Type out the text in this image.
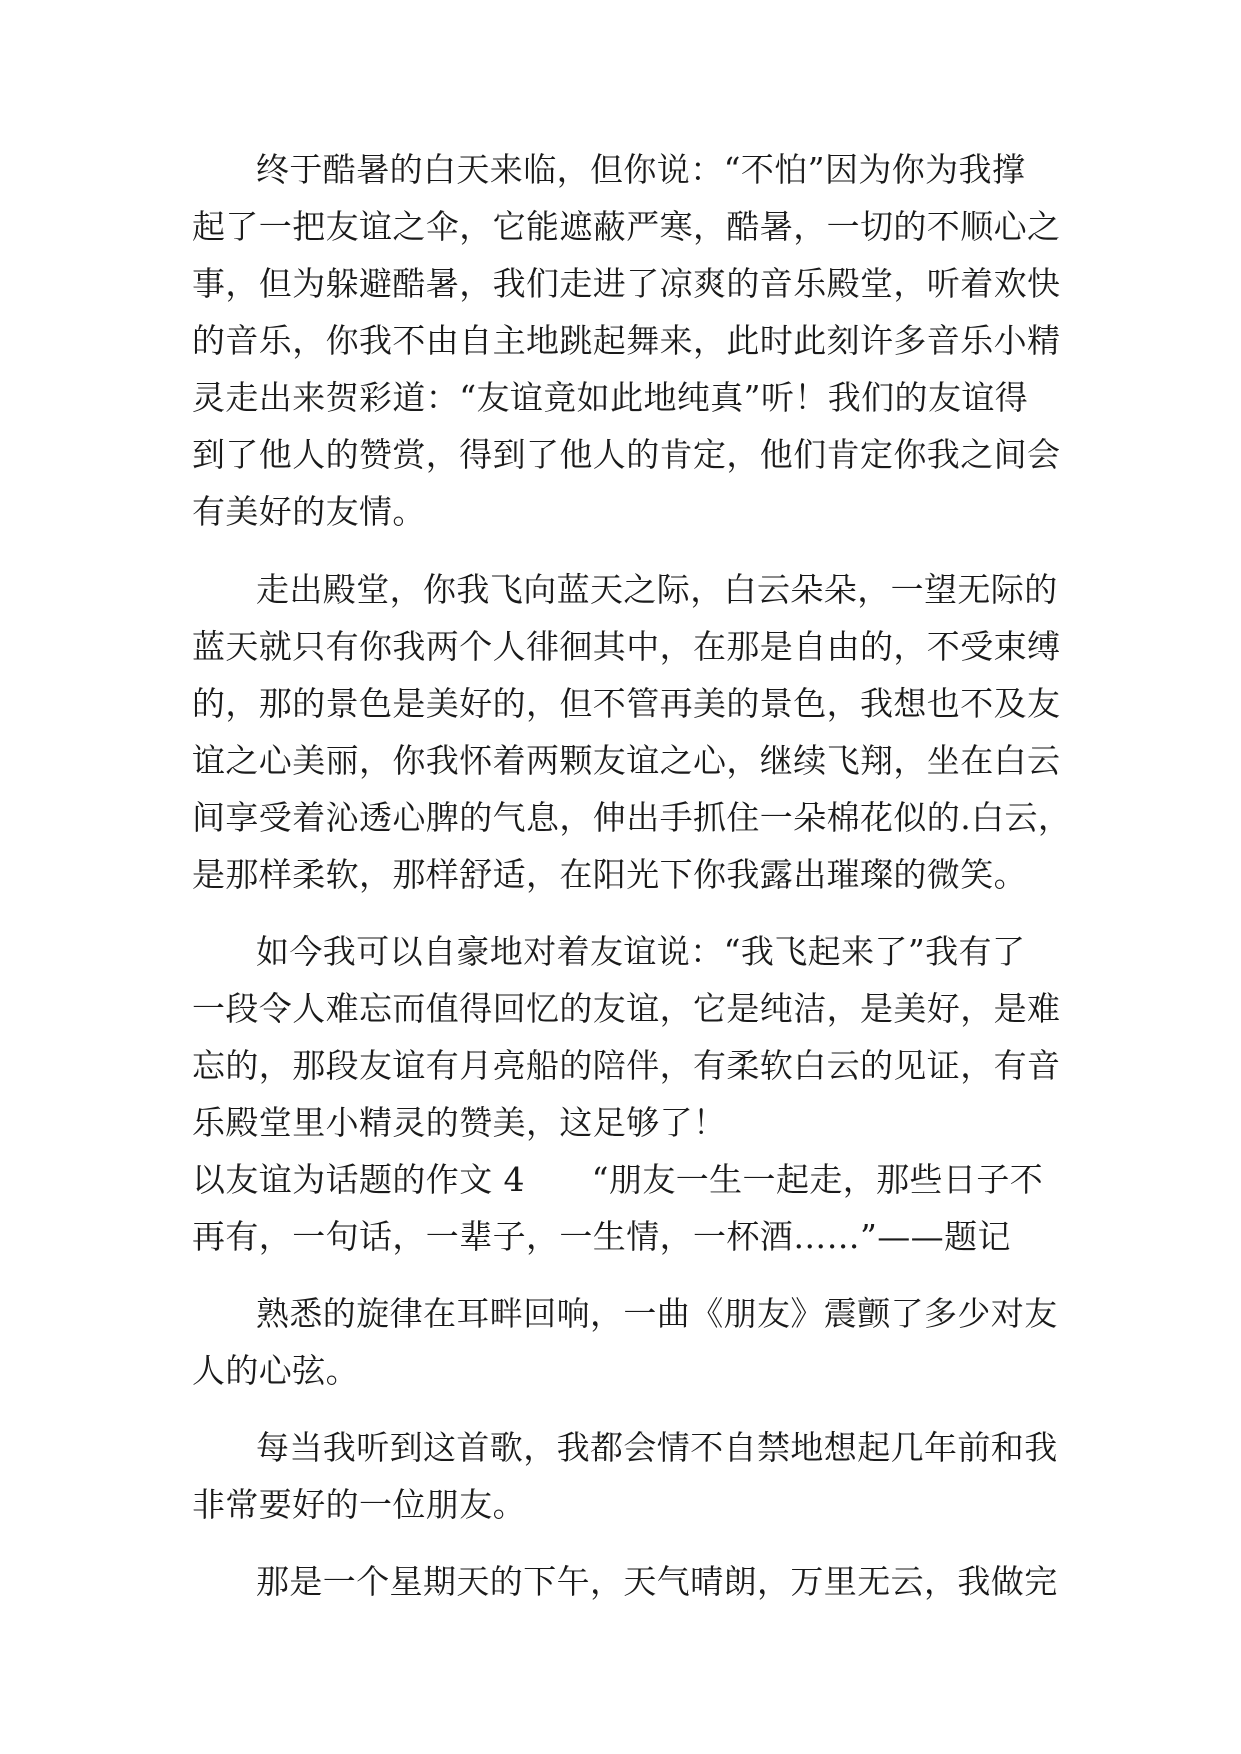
终于酷暑的白天来临，但你说：“不怕”因为你为我撑
起了一把友谊之伞，它能遮蔽严寒，酷暑，一切的不顺心之
事，但为躲避酷暑，我们走进了凉爽的音乐殿堂，听着欢快
的音乐，你我不由自主地跳起舞来，此时此刻许多音乐小精
灵走出来贺彩道：“友谊竟如此地纯真”听！我们的友谊得
到了他人的赞赏，得到了他人的肯定，他们肯定你我之间会
有美好的友情。
走出殿堂，你我飞向蓝天之际，白云朵朵，一望无际的
蓝天就只有你我两个人徘徊其中，在那是自由的，不受束缚
的，那的景色是美好的，但不管再美的景色，我想也不及友
谊之心美丽，你我怀着两颗友谊之心，继续飞翔，坐在白云
间享受着沁透心脾的气息，伸出手抓住一朵棉花似的.白云，
是那样柔软，那样舒适，在阳光下你我露出璀璨的微笑。
如今我可以自豪地对着友谊说：“我飞起来了”我有了
一段令人难忘而值得回忆的友谊，它是纯洁，是美好，是难
忘的，那段友谊有月亮船的陪伴，有柔软白云的见证，有音
乐殿堂里小精灵的赞美，这足够了！
以友谊为话题的作文 4　　“朋友一生一起走，那些日子不
再有，一句话，一辈子，一生情，一杯酒……”——题记
熟悉的旋律在耳畔回响，一曲《朋友》震颤了多少对友
人的心弦。
每当我听到这首歌，我都会情不自禁地想起几年前和我
非常要好的一位朋友。
那是一个星期天的下午，天气晴朗，万里无云，我做完
